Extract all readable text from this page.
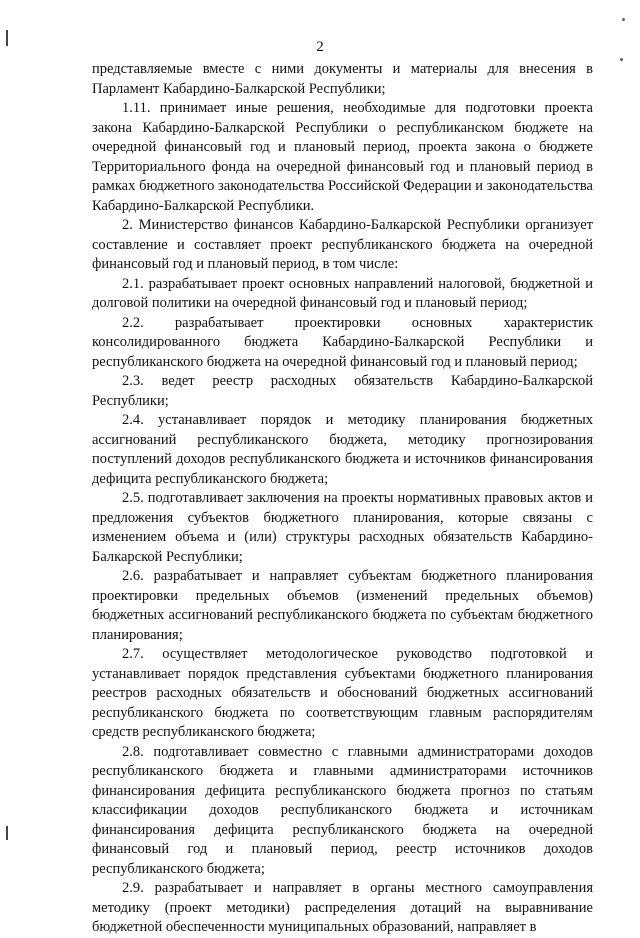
2

представляемые вместе с ними документы и материалы для внесения в Парламент Кабардино-Балкарской Республики;

1.11. принимает иные решения, необходимые для подготовки проекта закона Кабардино-Балкарской Республики о республиканском бюджете на очередной финансовый год и плановый период, проекта закона о бюджете Территориального фонда на очередной финансовый год и плановый период в рамках бюджетного законодательства Российской Федерации и законодательства Кабардино-Балкарской Республики.

2. Министерство финансов Кабардино-Балкарской Республики организует составление и составляет проект республиканского бюджета на очередной финансовый год и плановый период, в том числе:

2.1. разрабатывает проект основных направлений налоговой, бюджетной и долговой политики на очередной финансовый год и плановый период;

2.2. разрабатывает проектировки основных характеристик консолидированного бюджета Кабардино-Балкарской Республики и республиканского бюджета на очередной финансовый год и плановый период;

2.3. ведет реестр расходных обязательств Кабардино-Балкарской Республики;

2.4. устанавливает порядок и методику планирования бюджетных ассигнований республиканского бюджета, методику прогнозирования поступлений доходов республиканского бюджета и источников финансирования дефицита республиканского бюджета;

2.5. подготавливает заключения на проекты нормативных правовых актов и предложения субъектов бюджетного планирования, которые связаны с изменением объема и (или) структуры расходных обязательств Кабардино-Балкарской Республики;

2.6. разрабатывает и направляет субъектам бюджетного планирования проектировки предельных объемов (изменений предельных объемов) бюджетных ассигнований республиканского бюджета по субъектам бюджетного планирования;

2.7. осуществляет методологическое руководство подготовкой и устанавливает порядок представления субъектами бюджетного планирования реестров расходных обязательств и обоснований бюджетных ассигнований республиканского бюджета по соответствующим главным распорядителям средств республиканского бюджета;

2.8. подготавливает совместно с главными администраторами доходов республиканского бюджета и главными администраторами источников финансирования дефицита республиканского бюджета прогноз по статьям классификации доходов республиканского бюджета и источникам финансирования дефицита республиканского бюджета на очередной финансовый год и плановый период, реестр источников доходов республиканского бюджета;

2.9. разрабатывает и направляет в органы местного самоуправления методику (проект методики) распределения дотаций на выравнивание бюджетной обеспеченности муниципальных образований, направляет в
